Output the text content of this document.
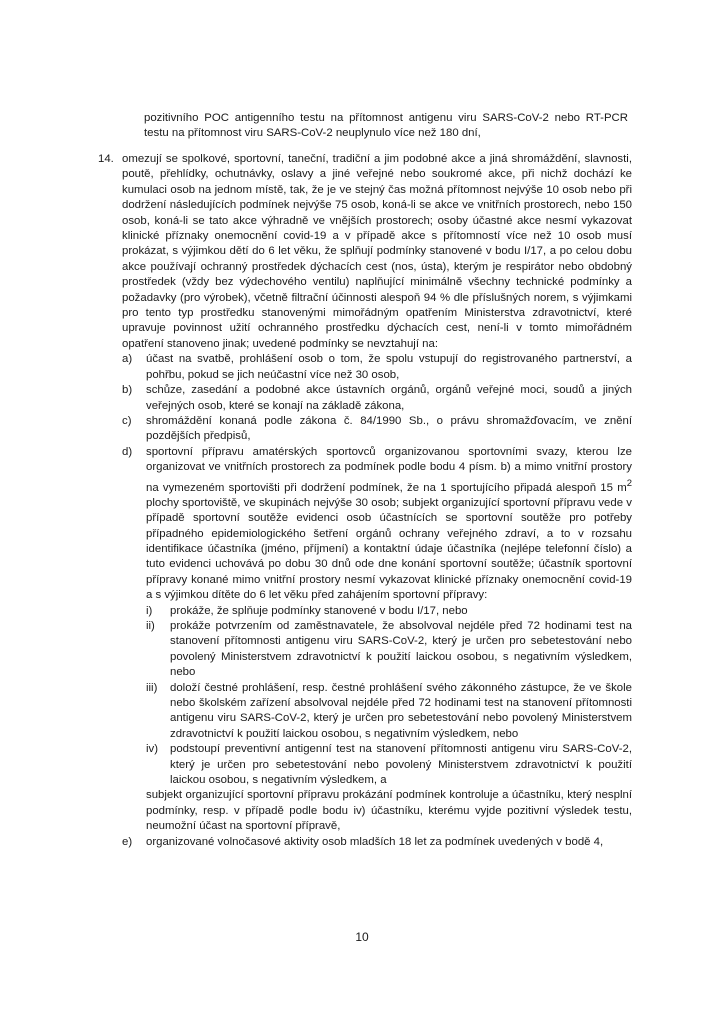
pozitivního POC antigenního testu na přítomnost antigenu viru SARS-CoV-2 nebo RT-PCR testu na přítomnost viru SARS-CoV-2 neuplynulo více než 180 dní,

14. omezují se spolkové, sportovní, taneční, tradiční a jim podobné akce a jiná shromáždění, slavnosti, poutě, přehlídky, ochutnávky, oslavy a jiné veřejné nebo soukromé akce, při nichž dochází ke kumulaci osob na jednom místě, tak, že je ve stejný čas možná přítomnost nejvýše 10 osob nebo při dodržení následujících podmínek nejvýše 75 osob, koná-li se akce ve vnitřních prostorech, nebo 150 osob, koná-li se tato akce výhradně ve vnějších prostorech; osoby účastné akce nesmí vykazovat klinické příznaky onemocnění covid-19 a v případě akce s přítomností více než 10 osob musí prokázat, s výjimkou dětí do 6 let věku, že splňují podmínky stanovené v bodu I/17, a po celou dobu akce používají ochranný prostředek dýchacích cest (nos, ústa), kterým je respirátor nebo obdobný prostředek (vždy bez výdechového ventilu) naplňující minimálně všechny technické podmínky a požadavky (pro výrobek), včetně filtrační účinnosti alespoň 94 % dle příslušných norem, s výjimkami pro tento typ prostředku stanovenými mimořádným opatřením Ministerstva zdravotnictví, které upravuje povinnost užití ochranného prostředku dýchacích cest, není-li v tomto mimořádném opatření stanoveno jinak; uvedené podmínky se nevztahují na:

a) účast na svatbě, prohlášení osob o tom, že spolu vstupují do registrovaného partnerství, a pohřbu, pokud se jich neúčastní více než 30 osob,

b) schůze, zasedání a podobné akce ústavních orgánů, orgánů veřejné moci, soudů a jiných veřejných osob, které se konají na základě zákona,

c) shromáždění konaná podle zákona č. 84/1990 Sb., o právu shromažďovacím, ve znění pozdějších předpisů,

d) sportovní přípravu amatérských sportovců organizovanou sportovními svazy, kterou lze organizovat ve vnitřních prostorech za podmínek podle bodu 4 písm. b) a mimo vnitřní prostory na vymezeném sportovišti při dodržení podmínek, že na 1 sportujícího připadá alespoň 15 $m^2$ plochy sportoviště, ve skupinách nejvýše 30 osob; subjekt organizující sportovní přípravu vede v případě sportovní soutěže evidenci osob účastnících se sportovní soutěže pro potřeby případného epidemiologického šetření orgánů ochrany veřejného zdraví, a to v rozsahu identifikace účastníka (jméno, příjmení) a kontaktní údaje účastníka (nejlépe telefonní číslo) a tuto evidenci uchovává po dobu 30 dnů ode dne konání sportovní soutěže; účastník sportovní přípravy konané mimo vnitřní prostory nesmí vykazovat klinické příznaky onemocnění covid-19 a s výjimkou dítěte do 6 let věku před zahájením sportovní přípravy:

i) prokáže, že splňuje podmínky stanovené v bodu I/17, nebo
ii) prokáže potvrzením od zaměstnavatele, že absolvoval nejdéle před 72 hodinami test na stanovení přítomnosti antigenu viru SARS-CoV-2, který je určen pro sebetestování nebo povolený Ministerstvem zdravotnictví k použití laickou osobou, s negativním výsledkem, nebo
iii) doloží čestné prohlášení, resp. čestné prohlášení svého zákonného zástupce, že ve škole nebo školském zařízení absolvoval nejdéle před 72 hodinami test na stanovení přítomnosti antigenu viru SARS-CoV-2, který je určen pro sebetestování nebo povolený Ministerstvem zdravotnictví k použití laickou osobou, s negativním výsledkem, nebo
iv) podstoupí preventivní antigenní test na stanovení přítomnosti antigenu viru SARS-CoV-2, který je určen pro sebetestování nebo povolený Ministerstvem zdravotnictví k použití laickou osobou, s negativním výsledkem, a

subjekt organizující sportovní přípravu prokázání podmínek kontroluje a účastníku, který nesplní podmínky, resp. v případě podle bodu iv) účastníku, kterému vyjde pozitivní výsledek testu, neumožní účast na sportovní přípravě,

e) organizované volnočasové aktivity osob mladších 18 let za podmínek uvedených v bodě 4,

10
